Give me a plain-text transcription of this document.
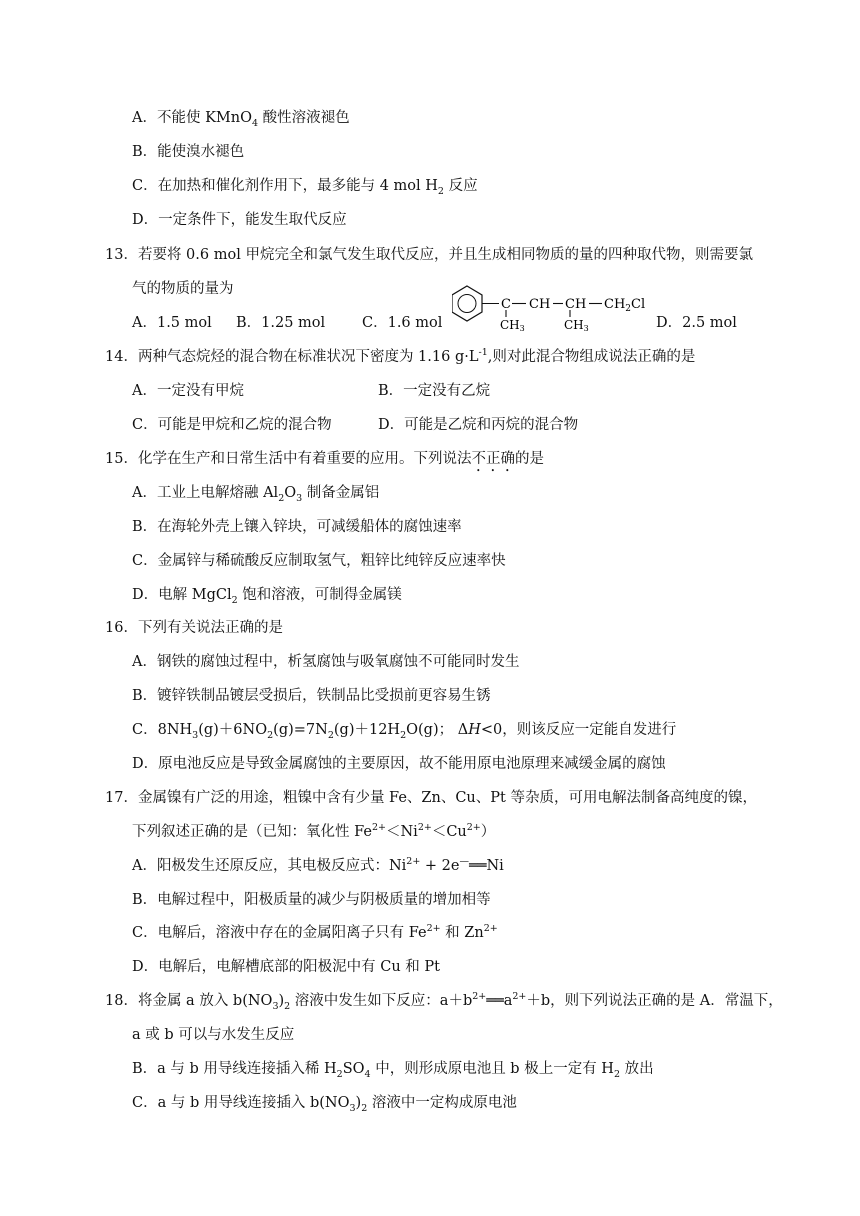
A．不能使 KMnO$_4$ 酸性溶液褪色
B．能使溴水褪色
C．在加热和催化剂作用下，最多能与 4 mol $H_2$ 反应
D．一定条件下，能发生取代反应
13．若要将 0.6 mol 甲烷完全和氯气发生取代反应，并且生成相同物质的量的四种取代物，则需要氯
气的物质的量为
A．1.5 mol B．1.25 mol	C．1.6 mol	D．2.5 mol
C CH CH $CH_2Cl$
CH3	CH3
14．两种气态烷烃的混合物在标准状况下密度为 1.16 $g\cdot L^{-1}$,则对此混合物组成说法正确的是
A．一定没有甲烷	B．一定没有乙烷
C．可能是甲烷和乙烷的混合物	D．可能是乙烷和丙烷的混合物
15．化学在生产和日常生活中有着重要的应用。下列说法不正确的是
A．工业上电解熔融 $Al_2O_3$ 制备金属铝
B．在海轮外壳上镶入锌块，可减缓船体的腐蚀速率
C．金属锌与稀硫酸反应制取氢气，粗锌比纯锌反应速率快
D．电解 MgCl$_2$ 饱和溶液，可制得金属镁
16．下列有关说法正确的是
A．钢铁的腐蚀过程中，析氢腐蚀与吸氧腐蚀不可能同时发生
B．镀锌铁制品镀层受损后，铁制品比受损前更容易生锈
C．$8NH_3(g)+6NO_2(g)=7N_2(g)+12H_2O(g)$； ΔH<0，则该反应一定能自发进行
D．原电池反应是导致金属腐蚀的主要原因，故不能用原电池原理来减缓金属的腐蚀
17．金属镍有广泛的用途，粗镍中含有少量 Fe、Zn、Cu、Pt 等杂质，可用电解法制备高纯度的镍，
下列叙述正确的是（已知：氧化性 $Fe^{2+}<Ni^{2+}<Cu^{2+}$）
A．阳极发生还原反应，其电极反应式：$Ni^{2+}$ + 2e—══Ni
B．电解过程中，阳极质量的减少与阴极质量的增加相等
C．电解后，溶液中存在的金属阳离子只有 $Fe^{2+}$ 和 $Zn^{2+}$
D．电解后，电解槽底部的阳极泥中有 Cu 和 Pt
18．将金属 a 放入 $b(NO_3)_2$ 溶液中发生如下反应：$a+b^{2+}══a^{2+}+b$，则下列说法正确的是 A．常温下，
a 或 b 可以与水发生反应
B．a 与 b 用导线连接插入稀 $H_2SO_4$ 中，则形成原电池且 b 极上一定有 $H_2$ 放出
C．a 与 b 用导线连接插入 $b(NO_3)_2$ 溶液中一定构成原电池
